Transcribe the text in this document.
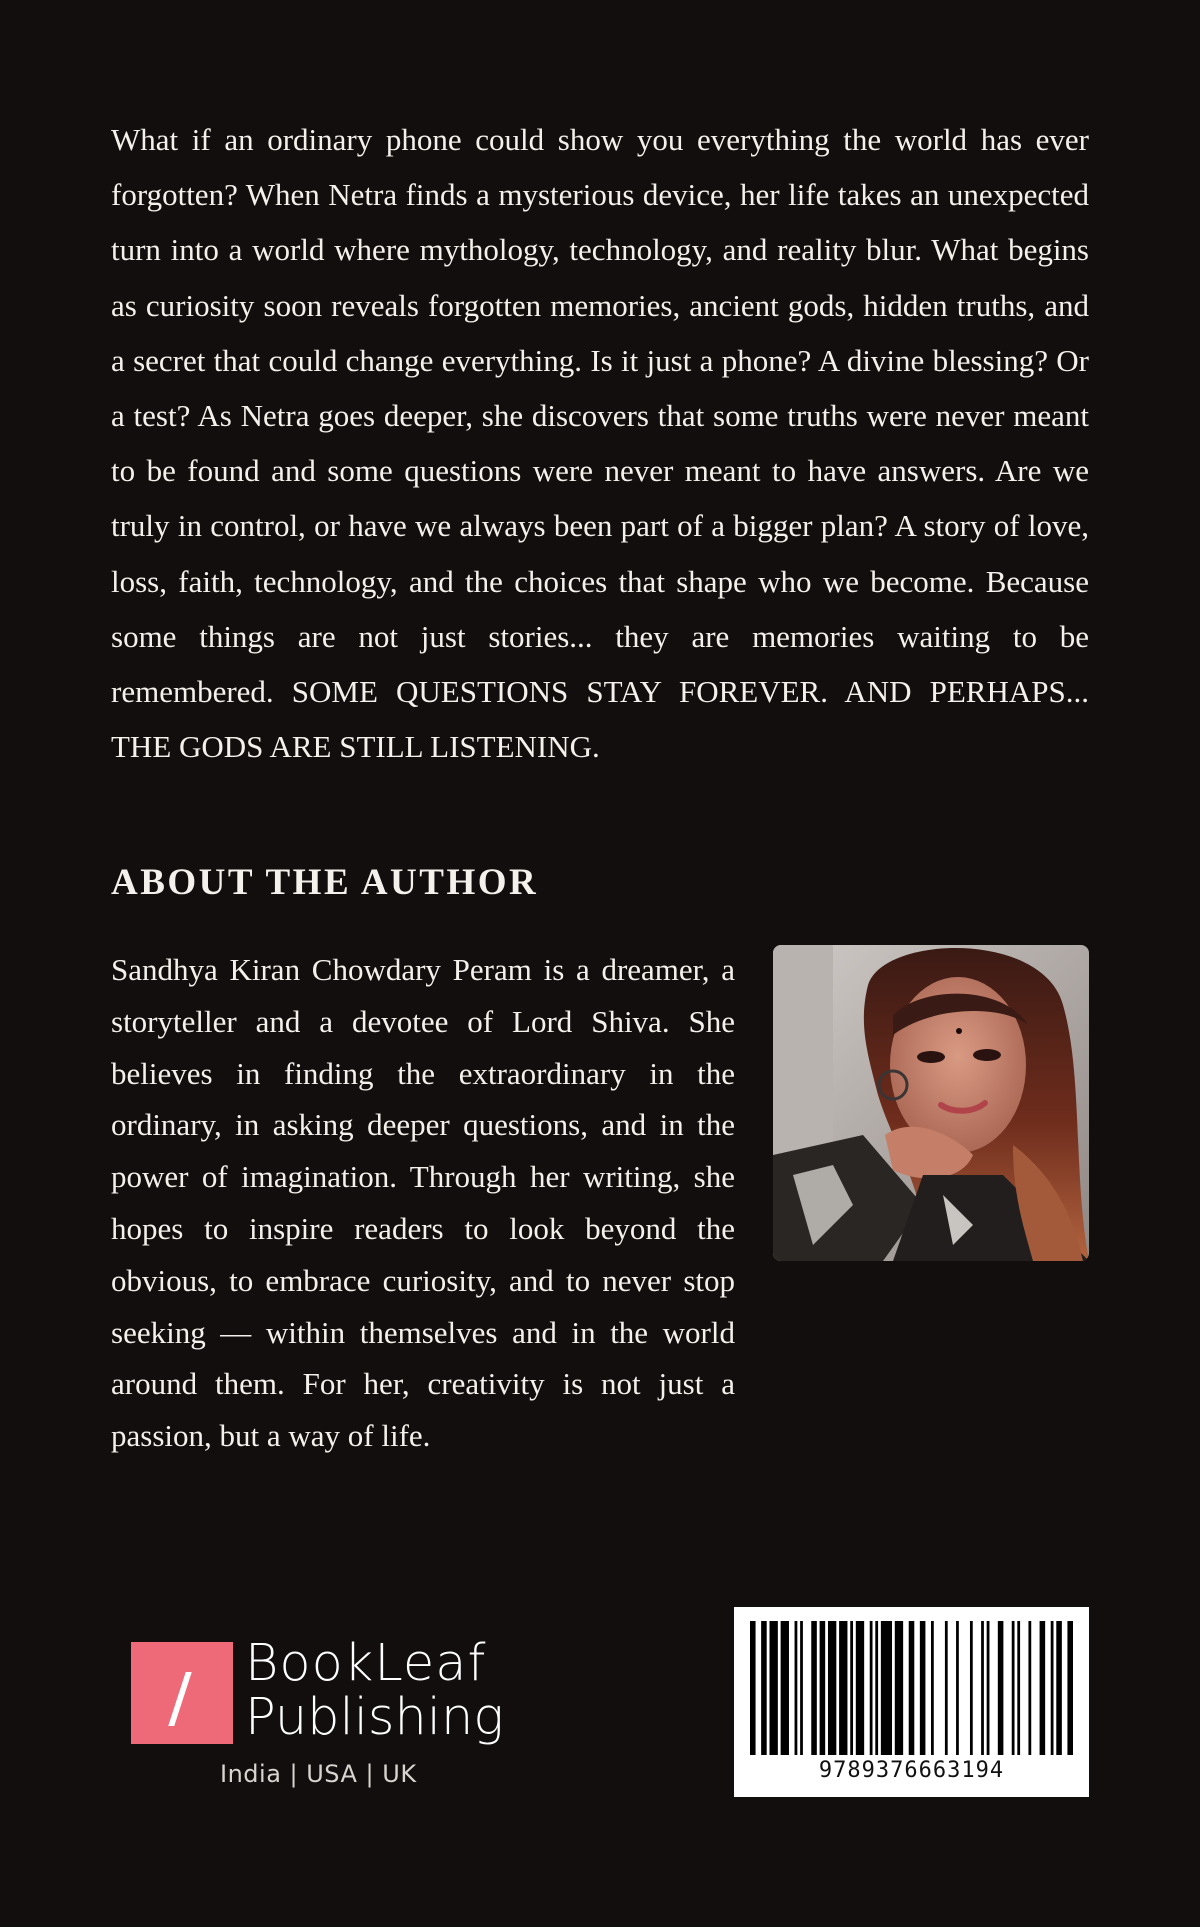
What if an ordinary phone could show you everything the world has ever forgotten? When Netra finds a mysterious device, her life takes an unexpected turn into a world where mythology, technology, and reality blur. What begins as curiosity soon reveals forgotten memories, ancient gods, hidden truths, and a secret that could change everything. Is it just a phone? A divine blessing? Or a test? As Netra goes deeper, she discovers that some truths were never meant to be found and some questions were never meant to have answers. Are we truly in control, or have we always been part of a bigger plan? A story of love, loss, faith, technology, and the choices that shape who we become. Because some things are not just stories... they are memories waiting to be remembered. SOME QUESTIONS STAY FOREVER. AND PERHAPS... THE GODS ARE STILL LISTENING.

ABOUT THE AUTHOR

Sandhya Kiran Chowdary Peram is a dreamer, a storyteller and a devotee of Lord Shiva. She believes in finding the extraordinary in the ordinary, in asking deeper questions, and in the power of imagination. Through her writing, she hopes to inspire readers to look beyond the obvious, to embrace curiosity, and to never stop seeking — within themselves and in the world around them. For her, creativity is not just a passion, but a way of life.

BookLeaf
Publishing
India | USA | UK	9789376663194
